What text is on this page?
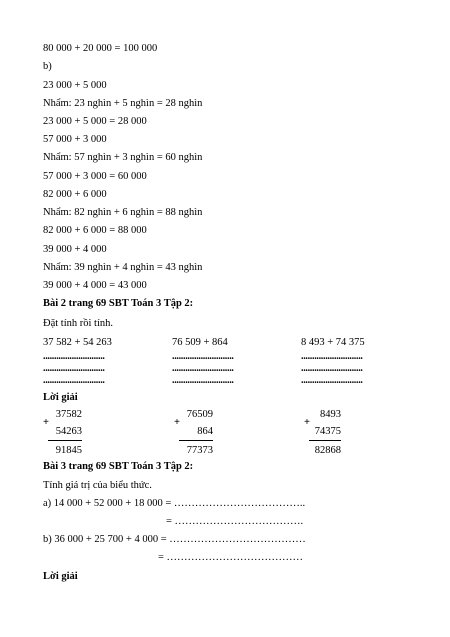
80 000 + 20 000 = 100 000
b)
23 000 + 5 000
Nhẩm: 23 nghìn + 5 nghìn = 28 nghìn
23 000 + 5 000 = 28 000
57 000 + 3 000
Nhẩm: 57 nghìn + 3 nghìn = 60 nghìn
57 000 + 3 000 = 60 000
82 000 + 6 000
Nhẩm: 82 nghìn + 6 nghìn = 88 nghìn
82 000 + 6 000 = 88 000
39 000 + 4 000
Nhẩm: 39 nghìn + 4 nghìn = 43 nghìn
39 000 + 4 000 = 43 000
Bài 2 trang 69 SBT Toán 3 Tập 2:
Đặt tính rồi tính.
37 582 + 54 263	76 509 + 864	8 493 + 74 375
............................
............................
............................
............................
............................
............................
............................
............................
............................
Lời giải
37582
+
54263
91845
76509
+
864
77373
8493
+
74375
82868
Bài 3 trang 69 SBT Toán 3 Tập 2:
Tính giá trị của biểu thức.
a) 14 000 + 52 000 + 18 000 = ………………………………..
= ……………………………….
b) 36 000 + 25 700 + 4 000 = …………………………………
= …………………………………
Lời giải
